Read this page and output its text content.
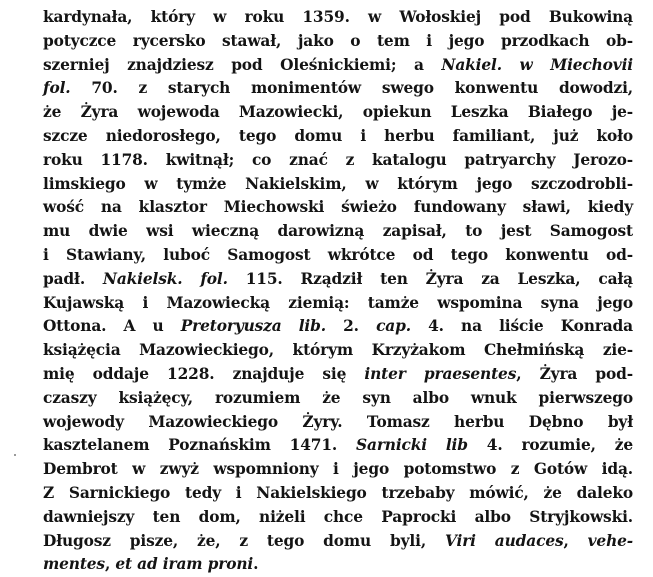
kardynała, który w roku 1359. w Wołoskiej pod Bukowiną
potyczce rycersko stawał, jako o tem i jego przodkach ob-
szerniej znajdziesz pod Oleśnickiemi; a Nakiel. w Miechovii
fol. 70. z starych monimentów swego konwentu dowodzi,
że Żyra wojewoda Mazowiecki, opiekun Leszka Białego je-
szcze niedorosłego, tego domu i herbu familiant, już koło
roku 1178. kwitnął; co znać z katalogu patryarchy Jerozo-
limskiego w tymże Nakielskim, w którym jego szczodrobli-
wość na klasztor Miechowski świeżo fundowany sławi, kiedy
mu dwie wsi wieczną darowizną zapisał, to jest Samogost
i Stawiany, luboć Samogost wkrótce od tego konwentu od-
padł. Nakielsk. fol. 115. Rządził ten Żyra za Leszka, całą
Kujawską i Mazowiecką ziemią: tamże wspomina syna jego
Ottona. A u Pretoryusza lib. 2. cap. 4. na liście Konrada
książęcia Mazowieckiego, którym Krzyżakom Chełmińską zie-
mię oddaje 1228. znajduje się inter praesentes, Żyra pod-
czaszy książęcy, rozumiem że syn albo wnuk pierwszego
wojewody Mazowieckiego Żyry. Tomasz herbu Dębno był
kasztelanem Poznańskim 1471. Sarnicki lib 4. rozumie, że
Dembrot w zwyż wspomniony i jego potomstwo z Gotów idą.
Z Sarnickiego tedy i Nakielskiego trzebaby mówić, że daleko
dawniejszy ten dom, niżeli chce Paprocki albo Stryjkowski.
Długosz pisze, że, z tego domu byli, Viri audaces, vehe-
mentes, et ad iram proni.
